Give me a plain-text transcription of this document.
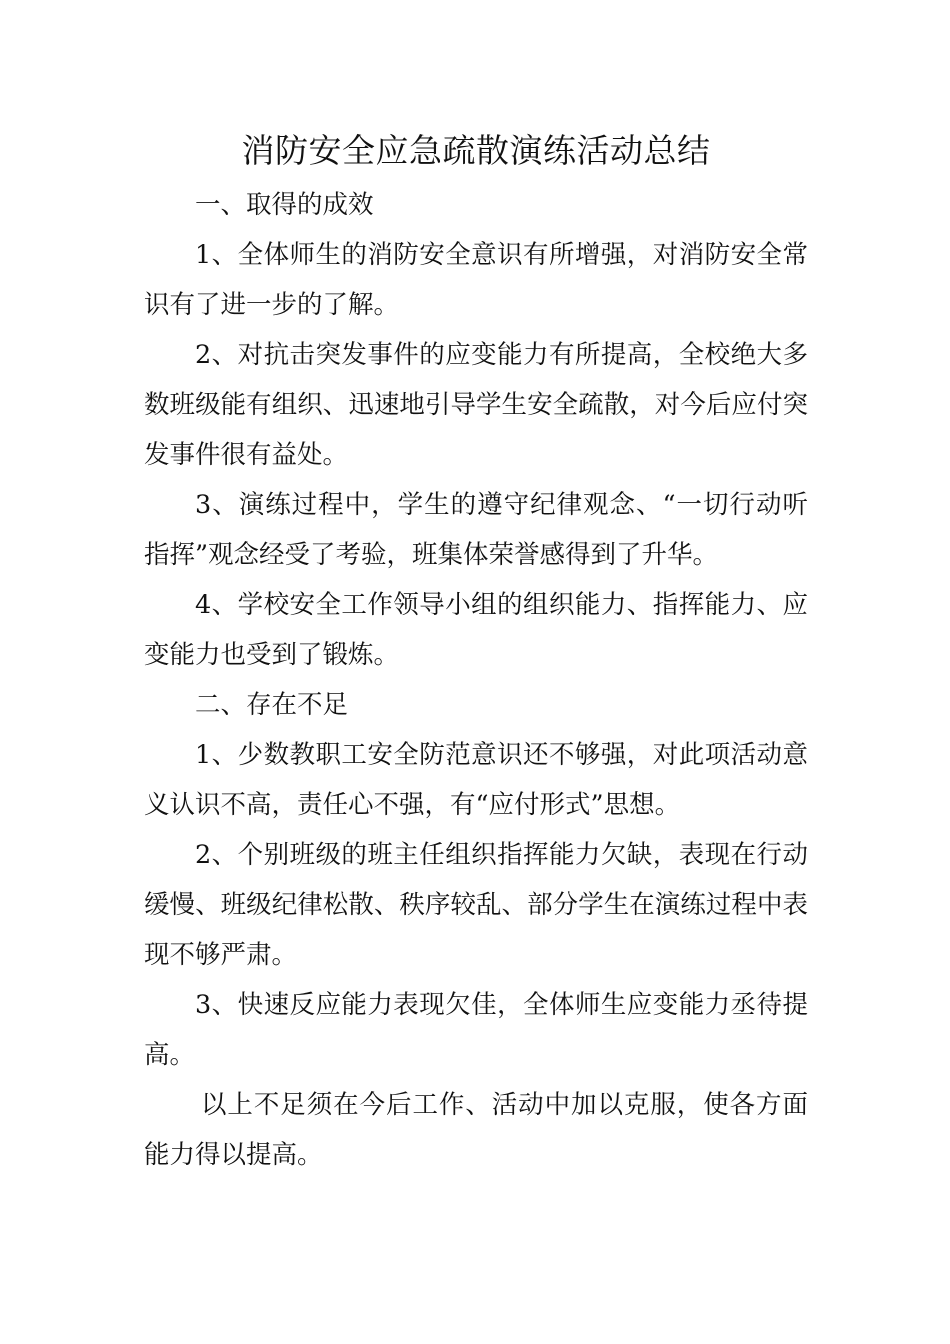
消防安全应急疏散演练活动总结

一、取得的成效

1、全体师生的消防安全意识有所增强，对消防安全常识有了进一步的了解。

2、对抗击突发事件的应变能力有所提高，全校绝大多数班级能有组织、迅速地引导学生安全疏散，对今后应付突发事件很有益处。

3、演练过程中，学生的遵守纪律观念、“一切行动听指挥”观念经受了考验，班集体荣誉感得到了升华。

4、学校安全工作领导小组的组织能力、指挥能力、应变能力也受到了锻炼。

二、存在不足

1、少数教职工安全防范意识还不够强，对此项活动意义认识不高，责任心不强，有“应付形式”思想。

2、个别班级的班主任组织指挥能力欠缺，表现在行动缓慢、班级纪律松散、秩序较乱、部分学生在演练过程中表现不够严肃。

3、快速反应能力表现欠佳，全体师生应变能力丞待提高。

以上不足须在今后工作、活动中加以克服，使各方面能力得以提高。
